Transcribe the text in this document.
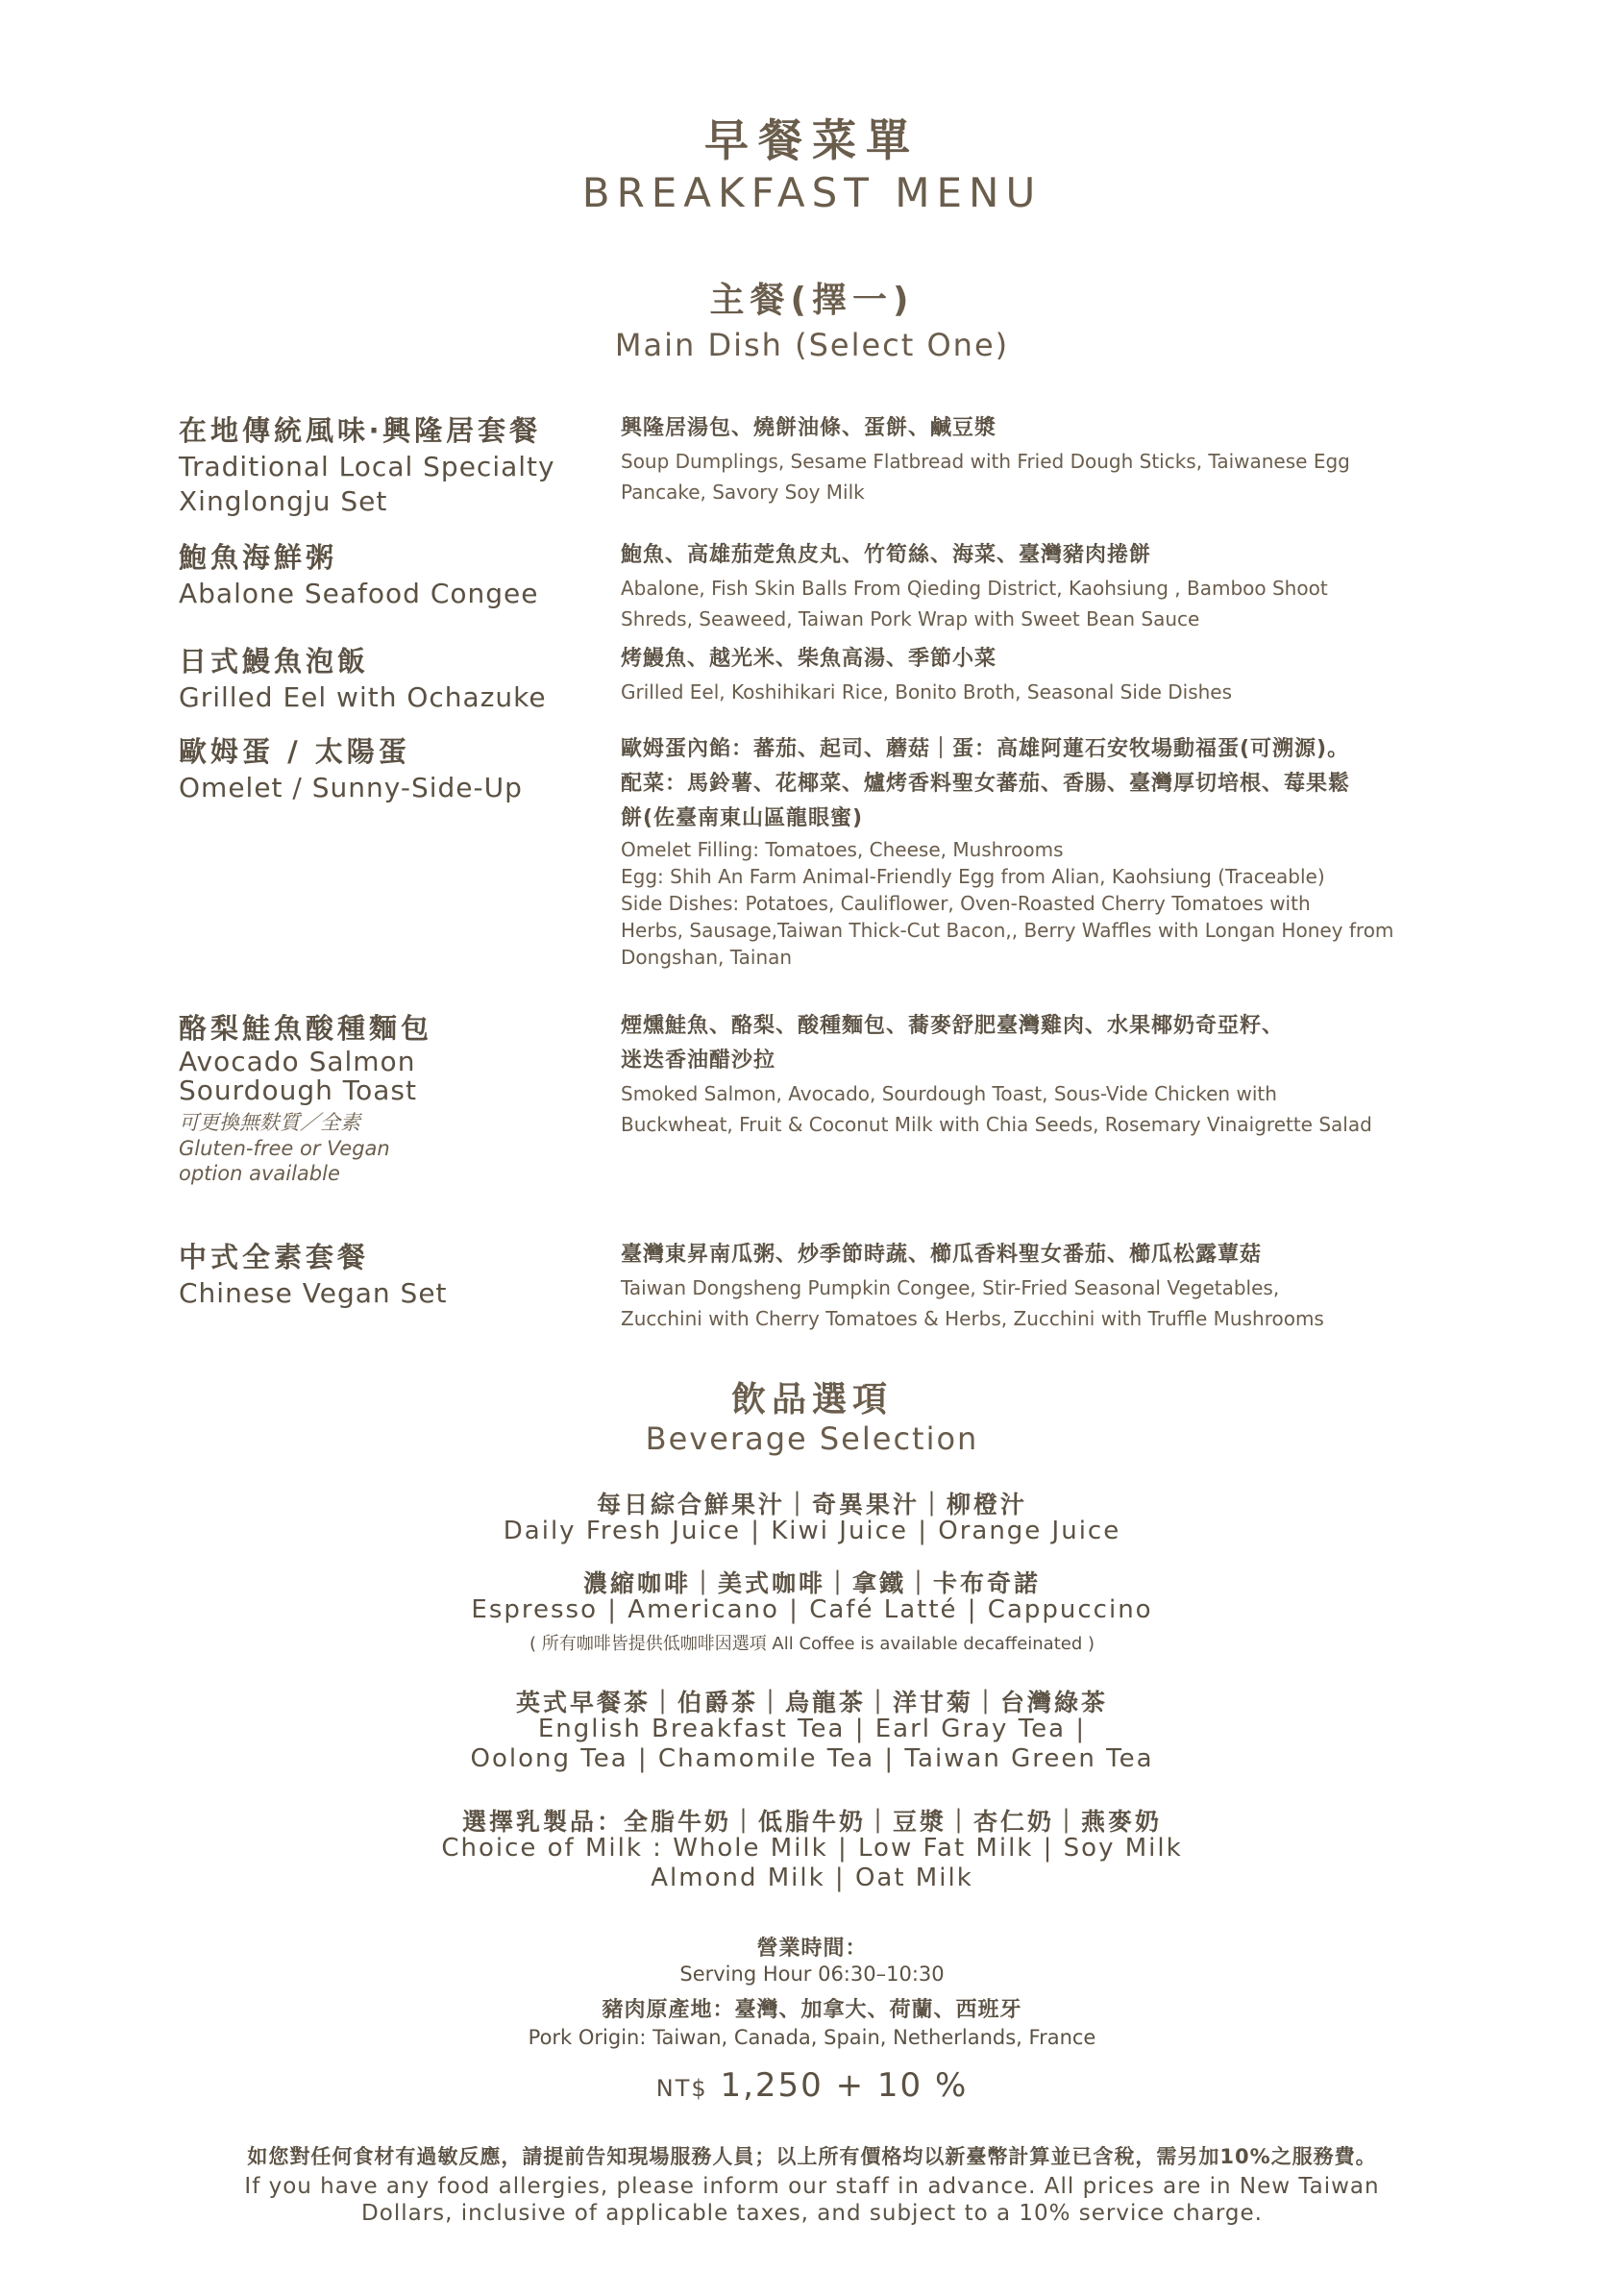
早餐菜單
BREAKFAST MENU
主餐(擇一)
Main Dish (Select One)
在地傳統風味‧興隆居套餐
Traditional Local Specialty
Xinglongju Set
興隆居湯包、燒餅油條、蛋餅、鹹豆漿
Soup Dumplings, Sesame Flatbread with Fried Dough Sticks, Taiwanese Egg
Pancake, Savory Soy Milk
鮑魚海鮮粥
Abalone Seafood Congee
鮑魚、高雄茄萣魚皮丸、竹筍絲、海菜、臺灣豬肉捲餅
Abalone, Fish Skin Balls From Qieding District, Kaohsiung , Bamboo Shoot
Shreds, Seaweed, Taiwan Pork Wrap with Sweet Bean Sauce
日式鰻魚泡飯
Grilled Eel with Ochazuke
烤鰻魚、越光米、柴魚高湯、季節小菜
Grilled Eel, Koshihikari Rice, Bonito Broth, Seasonal Side Dishes
歐姆蛋 / 太陽蛋
Omelet / Sunny-Side-Up
歐姆蛋內餡：蕃茄、起司、蘑菇｜蛋：高雄阿蓮石安牧場動福蛋(可溯源)。
配菜：馬鈴薯、花椰菜、爐烤香料聖女蕃茄、香腸、臺灣厚切培根、莓果鬆
餅(佐臺南東山區龍眼蜜)
Omelet Filling: Tomatoes, Cheese, Mushrooms
Egg: Shih An Farm Animal-Friendly Egg from Alian, Kaohsiung (Traceable)
Side Dishes: Potatoes, Cauliflower, Oven-Roasted Cherry Tomatoes with
Herbs, Sausage,Taiwan Thick-Cut Bacon,, Berry Waffles with Longan Honey from
Dongshan, Tainan
酪梨鮭魚酸種麵包
Avocado Salmon
Sourdough Toast
可更換無麩質／全素
Gluten-free or Vegan
option available
煙燻鮭魚、酪梨、酸種麵包、蕎麥舒肥臺灣雞肉、水果椰奶奇亞籽、
迷迭香油醋沙拉
Smoked Salmon, Avocado, Sourdough Toast, Sous-Vide Chicken with
Buckwheat, Fruit & Coconut Milk with Chia Seeds, Rosemary Vinaigrette Salad
中式全素套餐
Chinese Vegan Set
臺灣東昇南瓜粥、炒季節時蔬、櫛瓜香料聖女番茄、櫛瓜松露蕈菇
Taiwan Dongsheng Pumpkin Congee, Stir-Fried Seasonal Vegetables,
Zucchini with Cherry Tomatoes & Herbs, Zucchini with Truffle Mushrooms
飲品選項
Beverage Selection
每日綜合鮮果汁｜奇異果汁｜柳橙汁
Daily Fresh Juice | Kiwi Juice | Orange Juice
濃縮咖啡｜美式咖啡｜拿鐵｜卡布奇諾
Espresso | Americano | Café Latté | Cappuccino
( 所有咖啡皆提供低咖啡因選項 All Coffee is available decaffeinated )
英式早餐茶｜伯爵茶｜烏龍茶｜洋甘菊｜台灣綠茶
English Breakfast Tea | Earl Gray Tea |
Oolong Tea | Chamomile Tea | Taiwan Green Tea
選擇乳製品：全脂牛奶｜低脂牛奶｜豆漿｜杏仁奶｜燕麥奶
Choice of Milk : Whole Milk | Low Fat Milk | Soy Milk
Almond Milk | Oat Milk
營業時間：
Serving Hour 06:30–10:30
豬肉原產地：臺灣、加拿大、荷蘭、西班牙
Pork Origin: Taiwan, Canada, Spain, Netherlands, France
NT$ 1,250 + 10 %
如您對任何食材有過敏反應，請提前告知現場服務人員；以上所有價格均以新臺幣計算並已含稅，需另加10%之服務費。
If you have any food allergies, please inform our staff in advance. All prices are in New Taiwan
Dollars, inclusive of applicable taxes, and subject to a 10% service charge.
